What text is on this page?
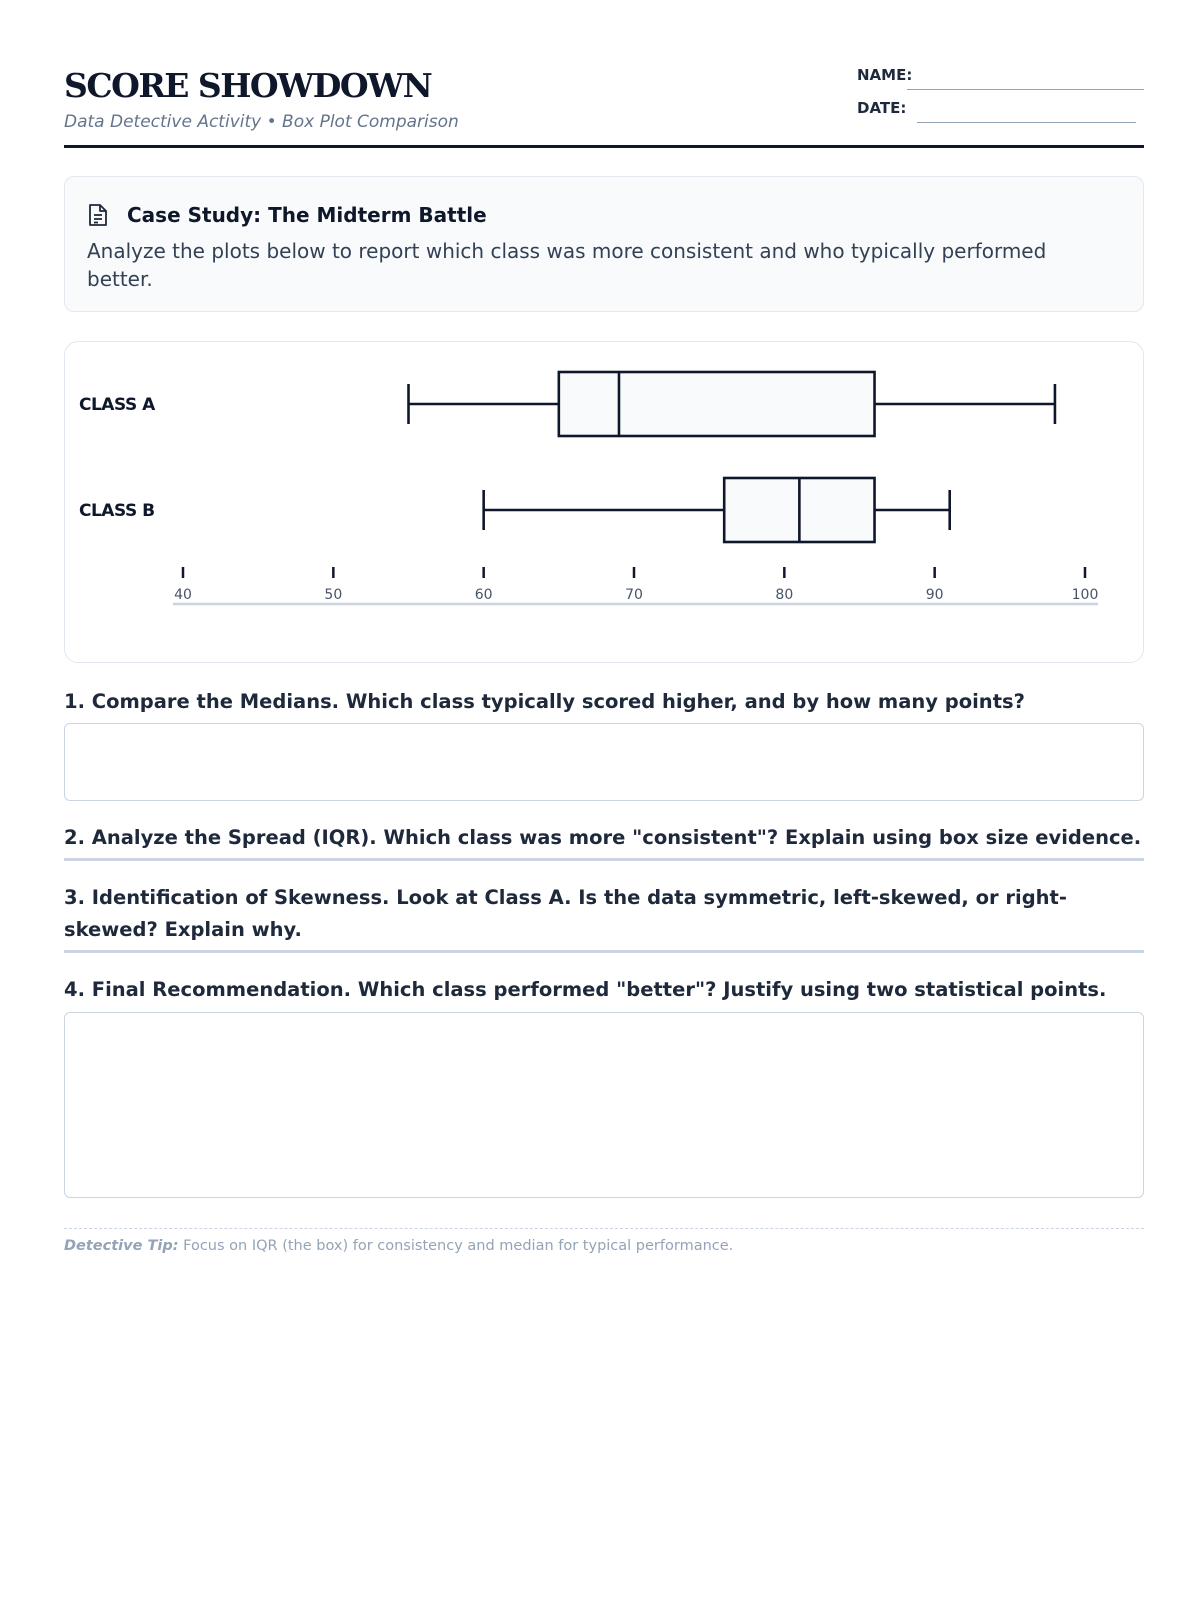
SCORE SHOWDOWN
Data Detective Activity • Box Plot Comparison
NAME:
DATE:
Case Study: The Midterm Battle

Analyze the plots below to report which class was more consistent and who typically performed better.

40	50	60	70	80	90	100
CLASS A
CLASS B

1. Compare the Medians. Which class typically scored higher, and by how many points?

2. Analyze the Spread (IQR). Which class was more "consistent"? Explain using box size evidence.

3. Identification of Skewness. Look at Class A. Is the data symmetric, left-skewed, or right-skewed? Explain why.

4. Final Recommendation. Which class performed "better"? Justify using two statistical points.

Detective Tip: Focus on IQR (the box) for consistency and median for typical performance.
